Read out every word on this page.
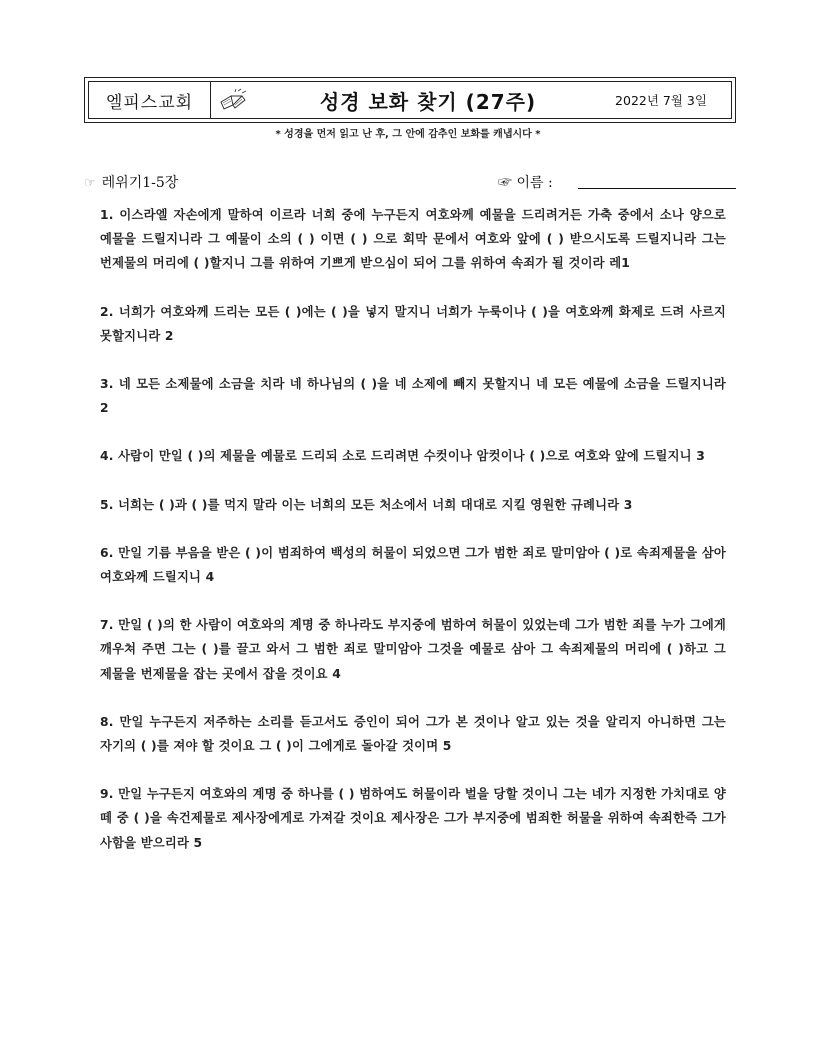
엘피스교회	성경 보화 찾기 (27주)	2022년 7월 3일
* 성경을 먼저 읽고 난 후, 그 안에 감추인 보화를 캐냅시다 *
☞ 레위기1-5장	☞ 이름 :
1. 이스라엘 자손에게 말하여 이르라 너희 중에 누구든지 여호와께 예물을 드리려거든 가축 중에서 소나 양으로 예물을 드릴지니라 그 예물이 소의 ( ) 이면 ( ) 으로 회막 문에서 여호와 앞에 ( ) 받으시도록 드릴지니라 그는 번제물의 머리에 ( )할지니 그를 위하여 기쁘게 받으심이 되어 그를 위하여 속죄가 될 것이라 레1
2. 너희가 여호와께 드리는 모든 ( )에는 ( )을 넣지 말지니 너희가 누룩이나 ( )을 여호와께 화제로 드려 사르지 못할지니라 2
3. 네 모든 소제물에 소금을 치라 네 하나님의 ( )을 네 소제에 빼지 못할지니 네 모든 예물에 소금을 드릴지니라 2
4. 사람이 만일 ( )의 제물을 예물로 드리되 소로 드리려면 수컷이나 암컷이나 ( )으로 여호와 앞에 드릴지니 3
5. 너희는 ( )과 ( )를 먹지 말라 이는 너희의 모든 처소에서 너희 대대로 지킬 영원한 규례니라 3
6. 만일 기름 부음을 받은 ( )이 범죄하여 백성의 허물이 되었으면 그가 범한 죄로 말미암아 ( )로 속죄제물을 삼아 여호와께 드릴지니 4
7. 만일 ( )의 한 사람이 여호와의 계명 중 하나라도 부지중에 범하여 허물이 있었는데 그가 범한 죄를 누가 그에게 깨우쳐 주면 그는 ( )를 끌고 와서 그 범한 죄로 말미암아 그것을 예물로 삼아 그 속죄제물의 머리에 ( )하고 그 제물을 번제물을 잡는 곳에서 잡을 것이요 4
8. 만일 누구든지 저주하는 소리를 듣고서도 증인이 되어 그가 본 것이나 알고 있는 것을 알리지 아니하면 그는 자기의 ( )를 져야 할 것이요 그 ( )이 그에게로 돌아갈 것이며 5
9. 만일 누구든지 여호와의 계명 중 하나를 ( ) 범하여도 허물이라 벌을 당할 것이니 그는 네가 지정한 가치대로 양 떼 중 ( )을 속건제물로 제사장에게로 가져갈 것이요 제사장은 그가 부지중에 범죄한 허물을 위하여 속죄한즉 그가 사함을 받으리라 5
